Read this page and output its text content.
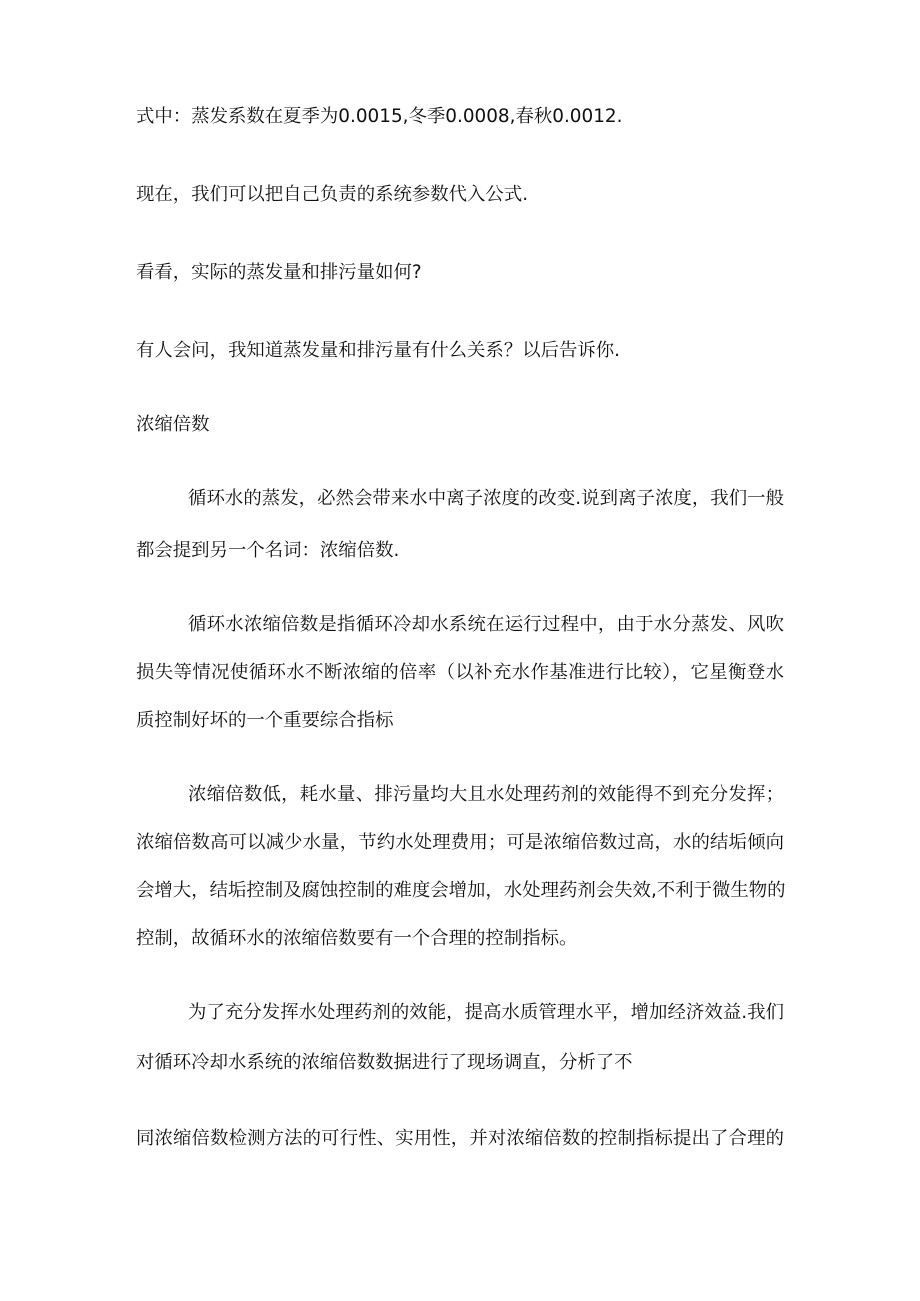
式中：蒸发系数在夏季为0.0015,冬季0.0008,春秋0.0012.
现在，我们可以把自己负责的系统参数代入公式.
看看，实际的蒸发量和排污量如何?
有人会问，我知道蒸发量和排污量有什么关系？以后告诉你.
浓缩倍数
循环水的蒸发，必然会带来水中离子浓度的改变.说到离子浓度，我们一般
都会提到另一个名词：浓缩倍数.
循环水浓缩倍数是指循环冷却水系统在运行过程中，由于水分蒸发、风吹
损失等情况使循环水不断浓缩的倍率（以补充水作基准进行比较），它星衡登水
质控制好坏的一个重要综合指标
浓缩倍数低，耗水量、排污量均大且水处理药剂的效能得不到充分发挥；
浓缩倍数高可以减少水量，节约水处理费用；可是浓缩倍数过高，水的结垢倾向
会增大，结垢控制及腐蚀控制的难度会增加，水处理药剂会失效,不利于微生物的
控制，故循环水的浓缩倍数要有一个合理的控制指标。
为了充分发挥水处理药剂的效能，提高水质管理水平，增加经济效益.我们
对循环冷却水系统的浓缩倍数数据进行了现场调直，分析了不
同浓缩倍数检测方法的可行性、实用性，并对浓缩倍数的控制指标提出了合理的
